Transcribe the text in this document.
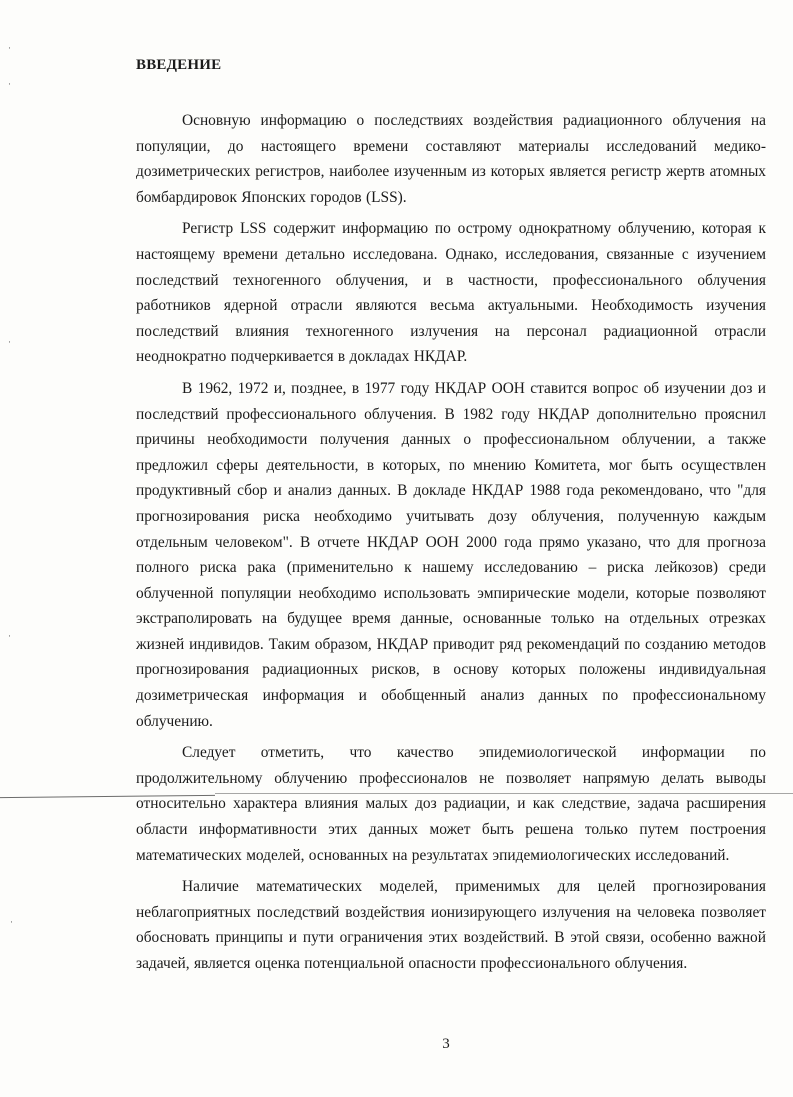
·
·
·
·
·
ВВЕДЕНИЕ

Основную информацию о последствиях воздействия радиационного облучения на популяции, до настоящего времени составляют материалы исследований медико-дозиметрических регистров, наиболее изученным из которых является регистр жертв атомных бомбардировок Японских городов (LSS).

Регистр LSS содержит информацию по острому однократному облучению, которая к настоящему времени детально исследована. Однако, исследования, связанные с изучением последствий техногенного облучения, и в частности, профессионального облучения работников ядерной отрасли являются весьма актуальными. Необходимость изучения последствий влияния техногенного излучения на персонал радиационной отрасли неоднократно подчеркивается в докладах НКДАР.

В 1962, 1972 и, позднее, в 1977 году НКДАР ООН ставится вопрос об изучении доз и последствий профессионального облучения. В 1982 году НКДАР дополнительно прояснил причины необходимости получения данных о профессиональном облучении, а также предложил сферы деятельности, в которых, по мнению Комитета, мог быть осуществлен продуктивный сбор и анализ данных. В докладе НКДАР 1988 года рекомендовано, что "для прогнозирования риска необходимо учитывать дозу облучения, полученную каждым отдельным человеком". В отчете НКДАР ООН 2000 года прямо указано, что для прогноза полного риска рака (применительно к нашему исследованию – риска лейкозов) среди облученной популяции необходимо использовать эмпирические модели, которые позволяют экстраполировать на будущее время данные, основанные только на отдельных отрезках жизней индивидов. Таким образом, НКДАР приводит ряд рекомендаций по созданию методов прогнозирования радиационных рисков, в основу которых положены индивидуальная дозиметрическая информация и обобщенный анализ данных по профессиональному облучению.

Следует отметить, что качество эпидемиологической информации по продолжительному облучению профессионалов не позволяет напрямую делать выводы относительно характера влияния малых доз радиации, и как следствие, задача расширения области информативности этих данных может быть решена только путем построения математических моделей, основанных на результатах эпидемиологических исследований.

Наличие математических моделей, применимых для целей прогнозирования неблагоприятных последствий воздействия ионизирующего излучения на человека позволяет обосновать принципы и пути ограничения этих воздействий. В этой связи, особенно важной задачей, является оценка потенциальной опасности профессионального облучения.

3
